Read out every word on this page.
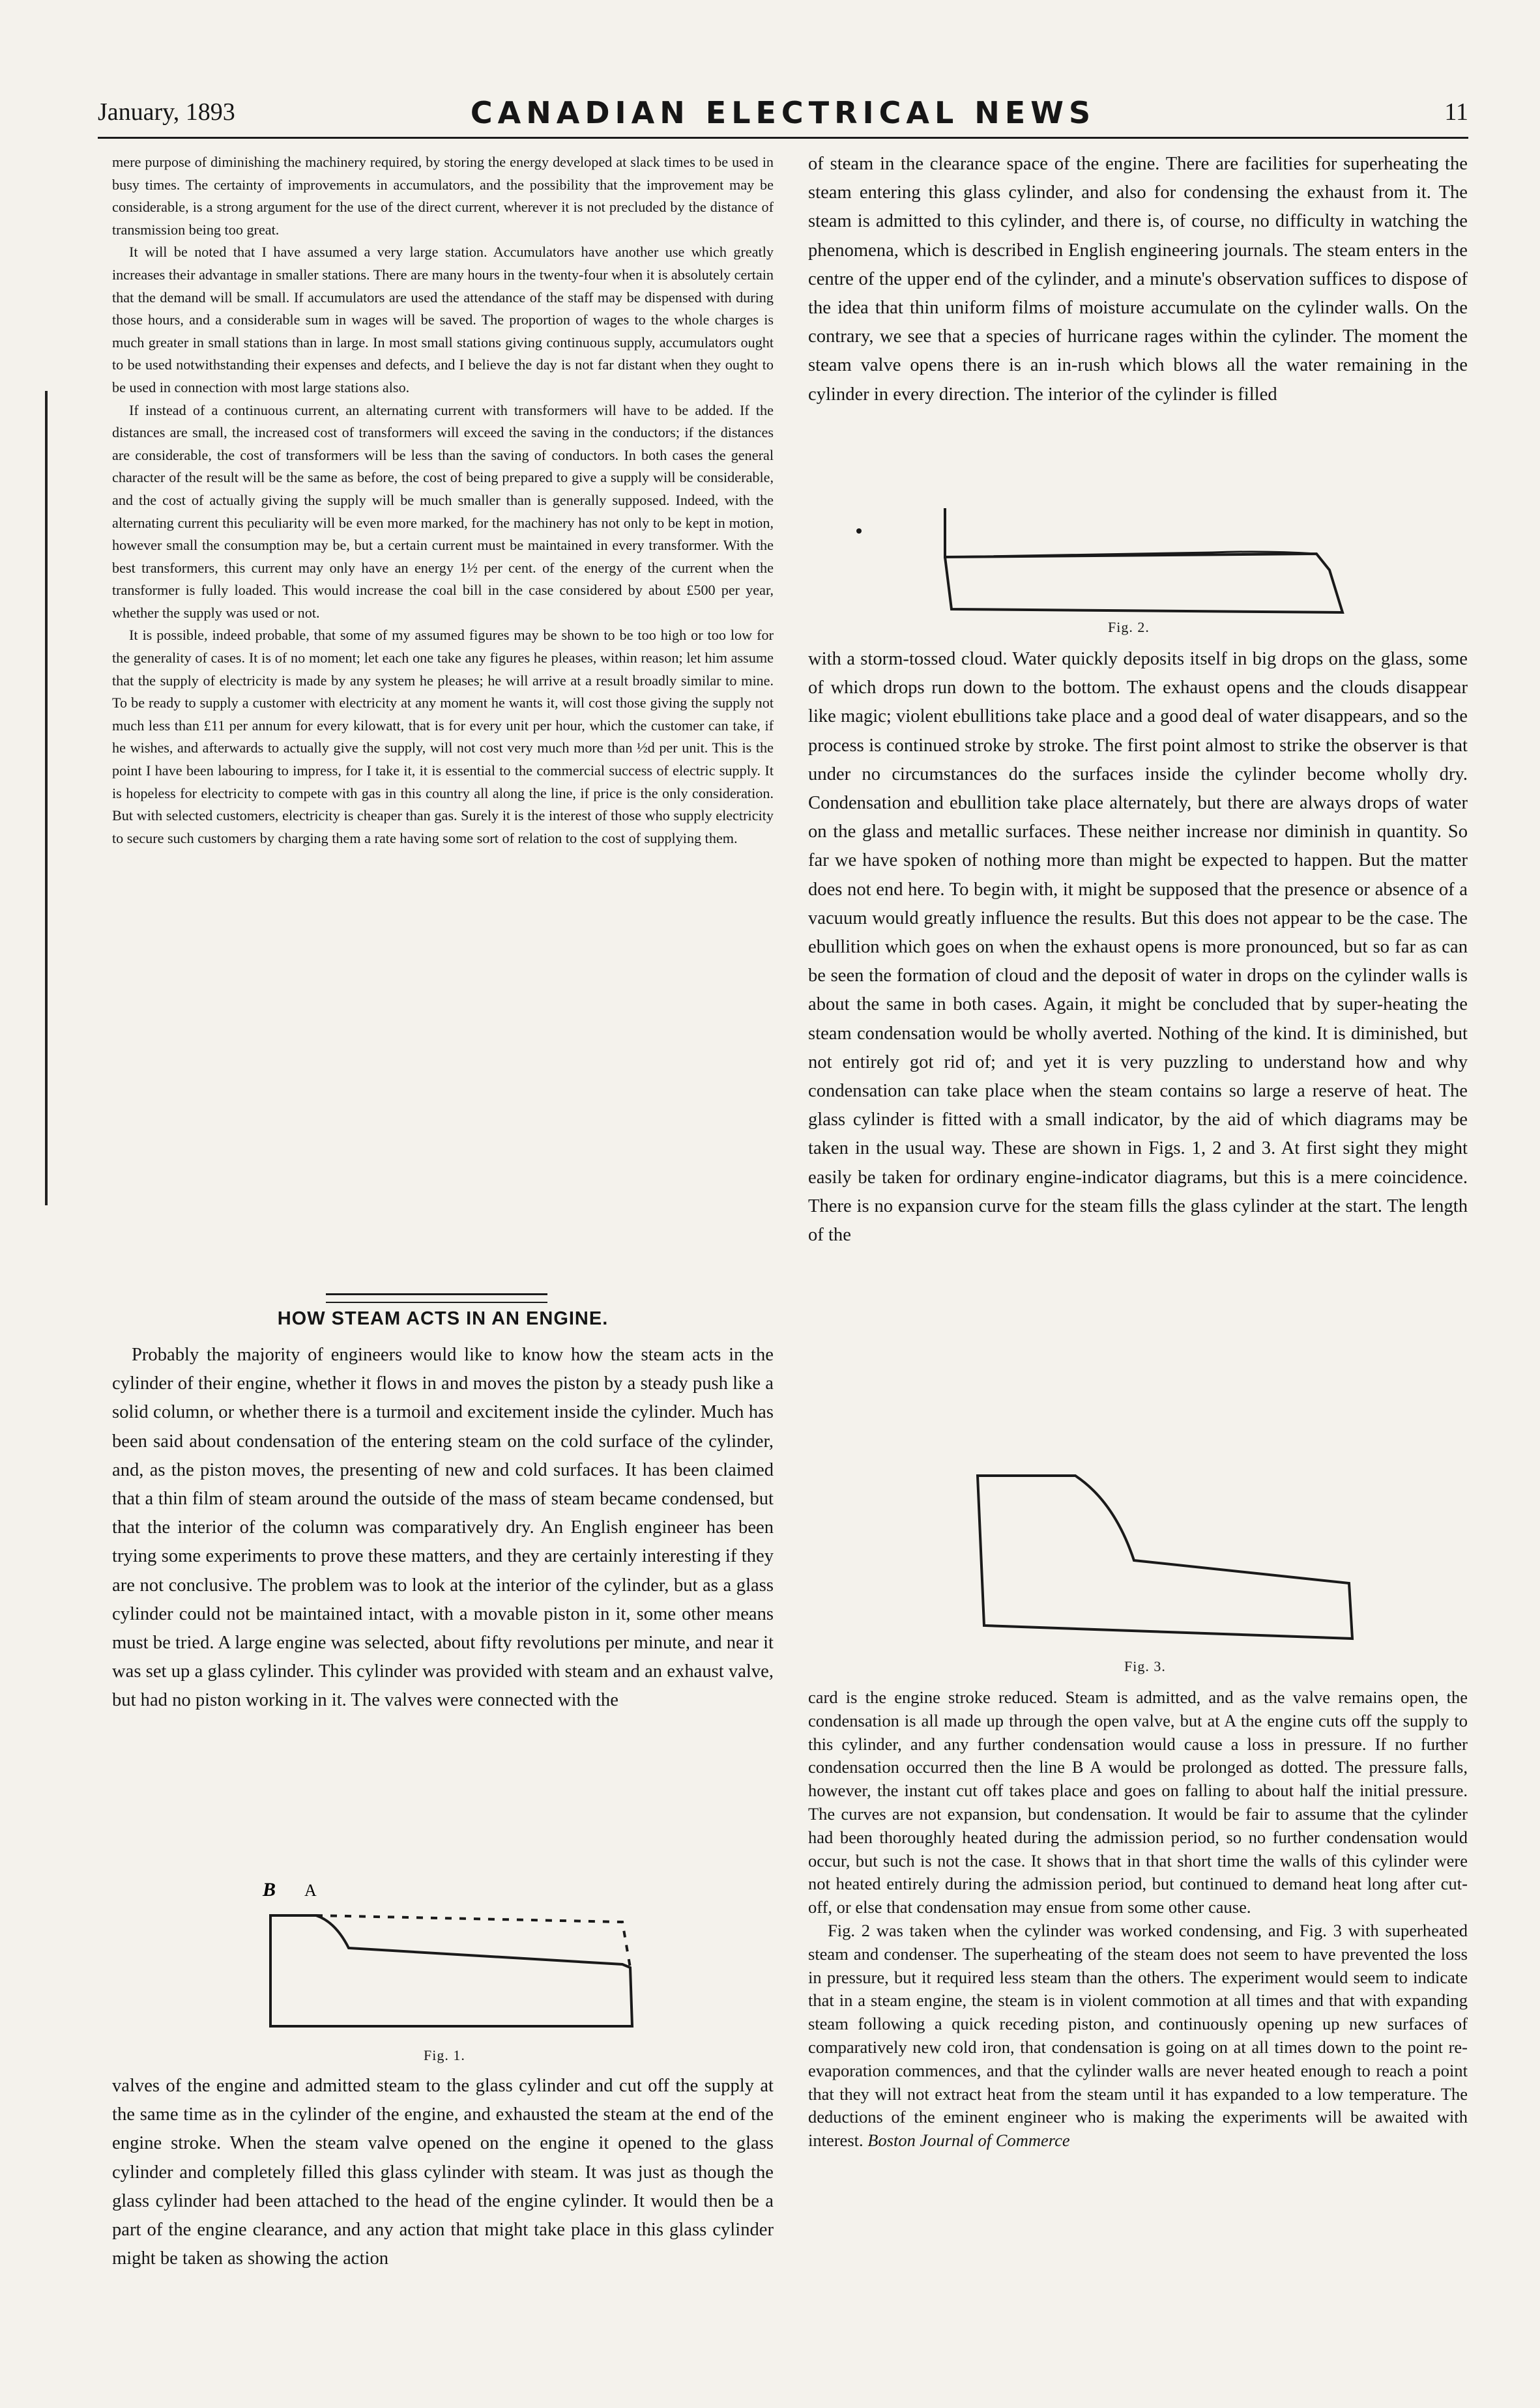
January, 1893	CANADIAN ELECTRICAL NEWS	11

mere purpose of diminishing the machinery required, by storing the energy developed at slack times to be used in busy times. The certainty of improvements in accumulators, and the possibility that the improvement may be considerable, is a strong argument for the use of the direct current, wherever it is not precluded by the distance of transmission being too great.

It will be noted that I have assumed a very large station. Accumulators have another use which greatly increases their advantage in smaller stations. There are many hours in the twenty-four when it is absolutely certain that the demand will be small. If accumulators are used the attendance of the staff may be dispensed with during those hours, and a considerable sum in wages will be saved. The proportion of wages to the whole charges is much greater in small stations than in large. In most small stations giving continuous supply, accumulators ought to be used notwithstanding their expenses and defects, and I believe the day is not far distant when they ought to be used in connection with most large stations also.

If instead of a continuous current, an alternating current with transformers will have to be added. If the distances are small, the increased cost of transformers will exceed the saving in the conductors; if the distances are considerable, the cost of transformers will be less than the saving of conductors. In both cases the general character of the result will be the same as before, the cost of being prepared to give a supply will be considerable, and the cost of actually giving the supply will be much smaller than is generally supposed. Indeed, with the alternating current this peculiarity will be even more marked, for the machinery has not only to be kept in motion, however small the consumption may be, but a certain current must be maintained in every transformer. With the best transformers, this current may only have an energy 1½ per cent. of the energy of the current when the transformer is fully loaded. This would increase the coal bill in the case considered by about £500 per year, whether the supply was used or not.

It is possible, indeed probable, that some of my assumed figures may be shown to be too high or too low for the generality of cases. It is of no moment; let each one take any figures he pleases, within reason; let him assume that the supply of electricity is made by any system he pleases; he will arrive at a result broadly similar to mine. To be ready to supply a customer with electricity at any moment he wants it, will cost those giving the supply not much less than £11 per annum for every kilowatt, that is for every unit per hour, which the customer can take, if he wishes, and afterwards to actually give the supply, will not cost very much more than ½d per unit. This is the point I have been labouring to impress, for I take it, it is essential to the commercial success of electric supply. It is hopeless for electricity to compete with gas in this country all along the line, if price is the only consideration. But with selected customers, electricity is cheaper than gas. Surely it is the interest of those who supply electricity to secure such customers by charging them a rate having some sort of relation to the cost of supplying them.

HOW STEAM ACTS IN AN ENGINE.

Probably the majority of engineers would like to know how the steam acts in the cylinder of their engine, whether it flows in and moves the piston by a steady push like a solid column, or whether there is a turmoil and excitement inside the cylinder. Much has been said about condensation of the entering steam on the cold surface of the cylinder, and, as the piston moves, the presenting of new and cold surfaces. It has been claimed that a thin film of steam around the outside of the mass of steam became condensed, but that the interior of the column was comparatively dry. An English engineer has been trying some experiments to prove these matters, and they are certainly interesting if they are not conclusive. The problem was to look at the interior of the cylinder, but as a glass cylinder could not be maintained intact, with a movable piston in it, some other means must be tried. A large engine was selected, about fifty revolutions per minute, and near it was set up a glass cylinder. This cylinder was provided with steam and an exhaust valve, but had no piston working in it. The valves were connected with the

B A
Fig. 1.

valves of the engine and admitted steam to the glass cylinder and cut off the supply at the same time as in the cylinder of the engine, and exhausted the steam at the end of the engine stroke. When the steam valve opened on the engine it opened to the glass cylinder and completely filled this glass cylinder with steam. It was just as though the glass cylinder had been attached to the head of the engine cylinder. It would then be a part of the engine clearance, and any action that might take place in this glass cylinder might be taken as showing the action

of steam in the clearance space of the engine. There are facilities for superheating the steam entering this glass cylinder, and also for condensing the exhaust from it. The steam is admitted to this cylinder, and there is, of course, no difficulty in watching the phenomena, which is described in English engineering journals. The steam enters in the centre of the upper end of the cylinder, and a minute's observation suffices to dispose of the idea that thin uniform films of moisture accumulate on the cylinder walls. On the contrary, we see that a species of hurricane rages within the cylinder. The moment the steam valve opens there is an in-rush which blows all the water remaining in the cylinder in every direction. The interior of the cylinder is filled

Fig. 2.

with a storm-tossed cloud. Water quickly deposits itself in big drops on the glass, some of which drops run down to the bottom. The exhaust opens and the clouds disappear like magic; violent ebullitions take place and a good deal of water disappears, and so the process is continued stroke by stroke. The first point almost to strike the observer is that under no circumstances do the surfaces inside the cylinder become wholly dry. Condensation and ebullition take place alternately, but there are always drops of water on the glass and metallic surfaces. These neither increase nor diminish in quantity. So far we have spoken of nothing more than might be expected to happen. But the matter does not end here. To begin with, it might be supposed that the presence or absence of a vacuum would greatly influence the results. But this does not appear to be the case. The ebullition which goes on when the exhaust opens is more pronounced, but so far as can be seen the formation of cloud and the deposit of water in drops on the cylinder walls is about the same in both cases. Again, it might be concluded that by super-heating the steam condensation would be wholly averted. Nothing of the kind. It is diminished, but not entirely got rid of; and yet it is very puzzling to understand how and why condensation can take place when the steam contains so large a reserve of heat. The glass cylinder is fitted with a small indicator, by the aid of which diagrams may be taken in the usual way. These are shown in Figs. 1, 2 and 3. At first sight they might easily be taken for ordinary engine-indicator diagrams, but this is a mere coincidence. There is no expansion curve for the steam fills the glass cylinder at the start. The length of the

Fig. 3.

card is the engine stroke reduced. Steam is admitted, and as the valve remains open, the condensation is all made up through the open valve, but at A the engine cuts off the supply to this cylinder, and any further condensation would cause a loss in pressure. If no further condensation occurred then the line B A would be prolonged as dotted. The pressure falls, however, the instant cut off takes place and goes on falling to about half the initial pressure. The curves are not expansion, but condensation. It would be fair to assume that the cylinder had been thoroughly heated during the admission period, so no further condensation would occur, but such is not the case. It shows that in that short time the walls of this cylinder were not heated entirely during the admission period, but continued to demand heat long after cut-off, or else that condensation may ensue from some other cause.

Fig. 2 was taken when the cylinder was worked condensing, and Fig. 3 with superheated steam and condenser. The superheating of the steam does not seem to have prevented the loss in pressure, but it required less steam than the others. The experiment would seem to indicate that in a steam engine, the steam is in violent commotion at all times and that with expanding steam following a quick receding piston, and continuously opening up new surfaces of comparatively new cold iron, that condensation is going on at all times down to the point re-evaporation commences, and that the cylinder walls are never heated enough to reach a point that they will not extract heat from the steam until it has expanded to a low temperature. The deductions of the eminent engineer who is making the experiments will be awaited with interest. Boston Journal of Commerce
